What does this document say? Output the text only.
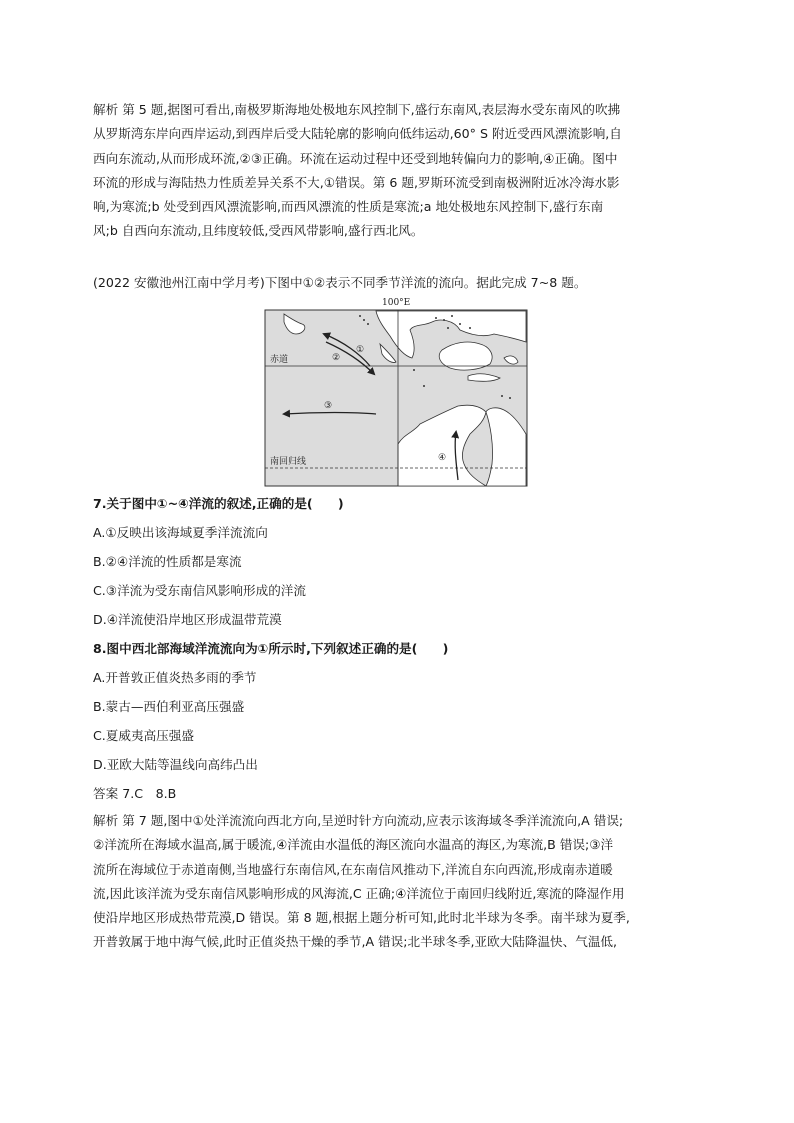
解析 第 5 题,据图可看出,南极罗斯海地处极地东风控制下,盛行东南风,表层海水受东南风的吹拂
从罗斯湾东岸向西岸运动,到西岸后受大陆轮廓的影响向低纬运动,60° S 附近受西风漂流影响,自
西向东流动,从而形成环流,②③正确。环流在运动过程中还受到地转偏向力的影响,④正确。图中
环流的形成与海陆热力性质差异关系不大,①错误。第 6 题,罗斯环流受到南极洲附近冰冷海水影
响,为寒流;b 处受到西风漂流影响,而西风漂流的性质是寒流;a 地处极地东风控制下,盛行东南
风;b 自西向东流动,且纬度较低,受西风带影响,盛行西北风。
(2022 安徽池州江南中学月考)下图中①②表示不同季节洋流的流向。据此完成 7~8 题。
100°E
赤道
南回归线
①
②
③
④
7.关于图中①~④洋流的叙述,正确的是(　　)
A.①反映出该海域夏季洋流流向
B.②④洋流的性质都是寒流
C.③洋流为受东南信风影响形成的洋流
D.④洋流使沿岸地区形成温带荒漠
8.图中西北部海域洋流流向为①所示时,下列叙述正确的是(　　)
A.开普敦正值炎热多雨的季节
B.蒙古—西伯利亚高压强盛
C.夏威夷高压强盛
D.亚欧大陆等温线向高纬凸出
答案 7.C　8.B
解析 第 7 题,图中①处洋流流向西北方向,呈逆时针方向流动,应表示该海域冬季洋流流向,A 错误;
②洋流所在海域水温高,属于暖流,④洋流由水温低的海区流向水温高的海区,为寒流,B 错误;③洋
流所在海域位于赤道南侧,当地盛行东南信风,在东南信风推动下,洋流自东向西流,形成南赤道暖
流,因此该洋流为受东南信风影响形成的风海流,C 正确;④洋流位于南回归线附近,寒流的降湿作用
使沿岸地区形成热带荒漠,D 错误。第 8 题,根据上题分析可知,此时北半球为冬季。南半球为夏季,
开普敦属于地中海气候,此时正值炎热干燥的季节,A 错误;北半球冬季,亚欧大陆降温快、气温低,
